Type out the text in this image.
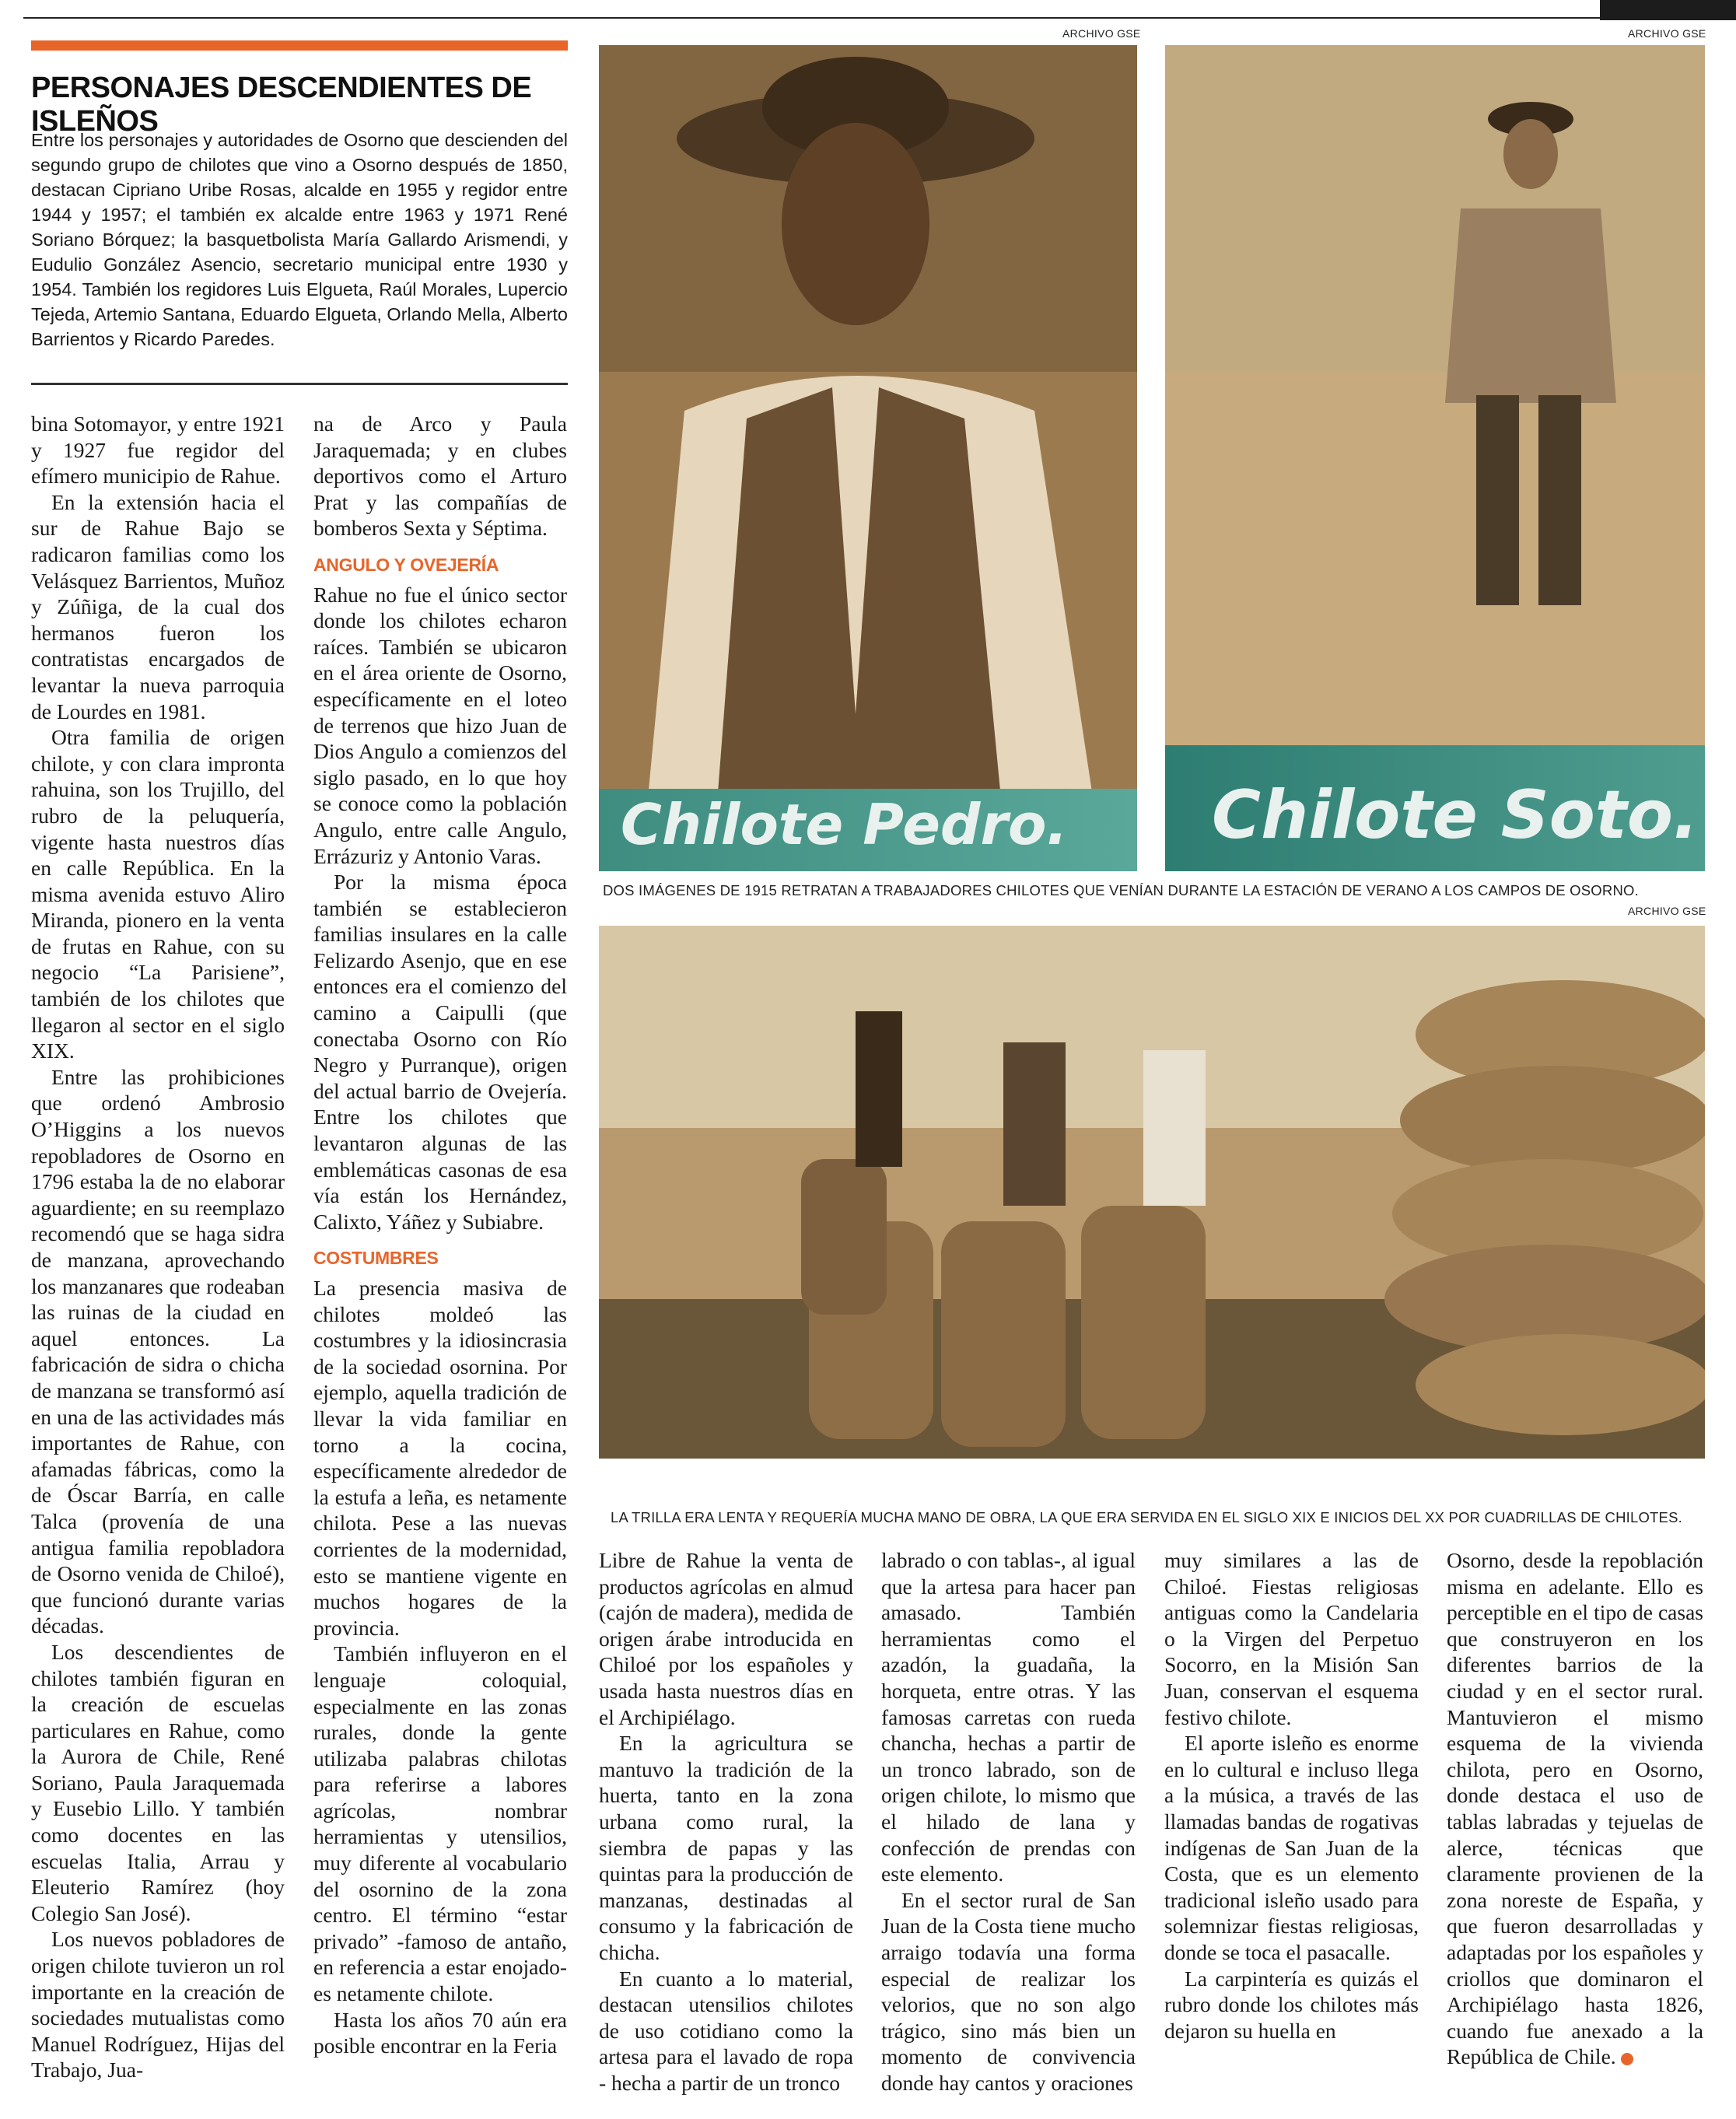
PERSONAJES DESCENDIENTES DE ISLEÑOS
Entre los personajes y autoridades de Osorno que descienden del segundo grupo de chilotes que vino a Osorno después de 1850, destacan Cipriano Uribe Rosas, alcalde en 1955 y regidor entre 1944 y 1957; el también ex alcalde entre 1963 y 1971 René Soriano Bórquez; la basquetbolista María Gallardo Arismendi, y Eudulio González Asencio, secretario municipal entre 1930 y 1954. También los regidores Luis Elgueta, Raúl Morales, Lupercio Tejeda, Artemio Santana, Eduardo Elgueta, Orlando Mella, Alberto Barrientos y Ricardo Paredes.

bina Sotomayor, y entre 1921 y 1927 fue regidor del efímero municipio de Rahue.

En la extensión hacia el sur de Rahue Bajo se radicaron familias como los Velásquez Barrientos, Muñoz y Zúñiga, de la cual dos hermanos fueron los contratistas encargados de levantar la nueva parroquia de Lourdes en 1981.

Otra familia de origen chilote, y con clara impronta rahuina, son los Trujillo, del rubro de la peluquería, vigente hasta nuestros días en calle República. En la misma avenida estuvo Aliro Miranda, pionero en la venta de frutas en Rahue, con su negocio “La Parisiene”, también de los chilotes que llegaron al sector en el siglo XIX.

Entre las prohibiciones que ordenó Ambrosio O’Higgins a los nuevos repobladores de Osorno en 1796 estaba la de no elaborar aguardiente; en su reemplazo recomendó que se haga sidra de manzana, aprovechando los manzanares que rodeaban las ruinas de la ciudad en aquel entonces. La fabricación de sidra o chicha de manzana se transformó así en una de las actividades más importantes de Rahue, con afamadas fábricas, como la de Óscar Barría, en calle Talca (provenía de una antigua familia repobladora de Osorno venida de Chiloé), que funcionó durante varias décadas.

Los descendientes de chilotes también figuran en la creación de escuelas particulares en Rahue, como la Aurora de Chile, René Soriano, Paula Jaraquemada y Eusebio Lillo. Y también como docentes en las escuelas Italia, Arrau y Eleuterio Ramírez (hoy Colegio San José).

Los nuevos pobladores de origen chilote tuvieron un rol importante en la creación de sociedades mutualistas como Manuel Rodríguez, Hijas del Trabajo, Jua-

na de Arco y Paula Jaraquemada; y en clubes deportivos como el Arturo Prat y las compañías de bomberos Sexta y Séptima.

ANGULO Y OVEJERÍA

Rahue no fue el único sector donde los chilotes echaron raíces. También se ubicaron en el área oriente de Osorno, específicamente en el loteo de terrenos que hizo Juan de Dios Angulo a comienzos del siglo pasado, en lo que hoy se conoce como la población Angulo, entre calle Angulo, Errázuriz y Antonio Varas.

Por la misma época también se establecieron familias insulares en la calle Felizardo Asenjo, que en ese entonces era el comienzo del camino a Caipulli (que conectaba Osorno con Río Negro y Purranque), origen del actual barrio de Ovejería. Entre los chilotes que levantaron algunas de las emblemáticas casonas de esa vía están los Hernández, Calixto, Yáñez y Subiabre.

COSTUMBRES

La presencia masiva de chilotes moldeó las costumbres y la idiosincrasia de la sociedad osornina. Por ejemplo, aquella tradición de llevar la vida familiar en torno a la cocina, específicamente alrededor de la estufa a leña, es netamente chilota. Pese a las nuevas corrientes de la modernidad, esto se mantiene vigente en muchos hogares de la provincia.

También influyeron en el lenguaje coloquial, especialmente en las zonas rurales, donde la gente utilizaba palabras chilotas para referirse a labores agrícolas, nombrar herramientas y utensilios, muy diferente al vocabulario del osornino de la zona centro. El término “estar privado” -famoso de antaño, en referencia a estar enojado- es netamente chilote.

Hasta los años 70 aún era posible encontrar en la Feria

ARCHIVO GSE
Chilote Pedro.
ARCHIVO GSE
Chilote Soto.
DOS IMÁGENES DE 1915 RETRATAN A TRABAJADORES CHILOTES QUE VENÍAN DURANTE LA ESTACIÓN DE VERANO A LOS CAMPOS DE OSORNO.
ARCHIVO GSE
LA TRILLA ERA LENTA Y REQUERÍA MUCHA MANO DE OBRA, LA QUE ERA SERVIDA EN EL SIGLO XIX E INICIOS DEL XX POR CUADRILLAS DE CHILOTES.

Libre de Rahue la venta de productos agrícolas en almud (cajón de madera), medida de origen árabe introducida en Chiloé por los españoles y usada hasta nuestros días en el Archipiélago.

En la agricultura se mantuvo la tradición de la huerta, tanto en la zona urbana como rural, la siembra de papas y las quintas para la producción de manzanas, destinadas al consumo y la fabricación de chicha.

En cuanto a lo material, destacan utensilios chilotes de uso cotidiano como la artesa para el lavado de ropa - hecha a partir de un tronco

labrado o con tablas-, al igual que la artesa para hacer pan amasado. También herramientas como el azadón, la guadaña, la horqueta, entre otras. Y las famosas carretas con rueda chancha, hechas a partir de un tronco labrado, son de origen chilote, lo mismo que el hilado de lana y confección de prendas con este elemento.

En el sector rural de San Juan de la Costa tiene mucho arraigo todavía una forma especial de realizar los velorios, que no son algo trágico, sino más bien un momento de convivencia donde hay cantos y oraciones

muy similares a las de Chiloé. Fiestas religiosas antiguas como la Candelaria o la Virgen del Perpetuo Socorro, en la Misión San Juan, conservan el esquema festivo chilote.

El aporte isleño es enorme en lo cultural e incluso llega a la música, a través de las llamadas bandas de rogativas indígenas de San Juan de la Costa, que es un elemento tradicional isleño usado para solemnizar fiestas religiosas, donde se toca el pasacalle.

La carpintería es quizás el rubro donde los chilotes más dejaron su huella en

Osorno, desde la repoblación misma en adelante. Ello es perceptible en el tipo de casas que construyeron en los diferentes barrios de la ciudad y en el sector rural. Mantuvieron el mismo esquema de la vivienda chilota, pero en Osorno, donde destaca el uso de tablas labradas y tejuelas de alerce, técnicas que claramente provienen de la zona noreste de España, y que fueron desarrolladas y adaptadas por los españoles y criollos que dominaron el Archipiélago hasta 1826, cuando fue anexado a la República de Chile.
